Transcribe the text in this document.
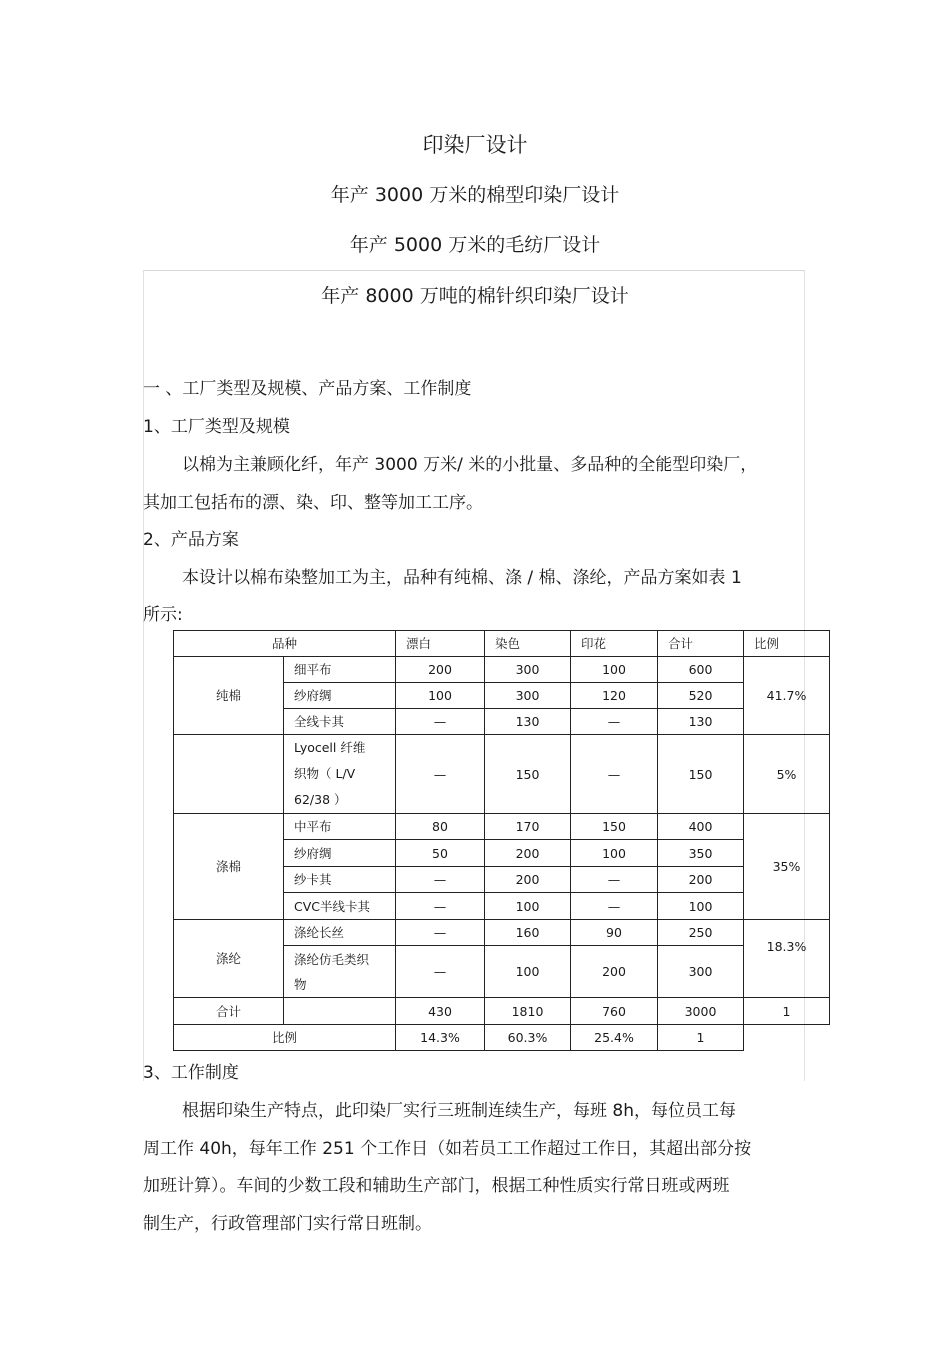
印染厂设计
年产 3000 万米的棉型印染厂设计
年产 5000 万米的毛纺厂设计
年产 8000 万吨的棉针织印染厂设计
一 、工厂类型及规模、产品方案、工作制度
1、工厂类型及规模
以棉为主兼顾化纤，年产 3000 万米/ 米的小批量、多品种的全能型印染厂，
其加工包括布的漂、染、印、整等加工工序。
2、产品方案
本设计以棉布染整加工为主，品种有纯棉、涤 / 棉、涤纶，产品方案如表 1
所示:
品种		漂白	染色	印花	合计	比例
纯棉	细平布	200	300	100	600	41.7%
	纱府绸	100	300	120	520	
	全线卡其	—	130	—	130	

	Lyocell 纤维
织物（ L/V
62/38 ）	—	150	—	150	5%
涤棉	中平布	80	170	150	400	35%
	纱府绸	50	200	100	350	
	纱卡其	—	200	—	200	
	CVC半线卡其	—	100	—	100	
涤纶	涤纶长丝	—	160	90	250	18.3%

	涤纶仿毛类织
物	—	100	200	300	
合计		430	1810	760	3000	1
比例		14.3%	60.3%	25.4%	1	
3、工作制度
根据印染生产特点，此印染厂实行三班制连续生产，每班 8h，每位员工每
周工作 40h，每年工作 251 个工作日（如若员工工作超过工作日，其超出部分按
加班计算）。车间的少数工段和辅助生产部门，根据工种性质实行常日班或两班
制生产，行政管理部门实行常日班制。
